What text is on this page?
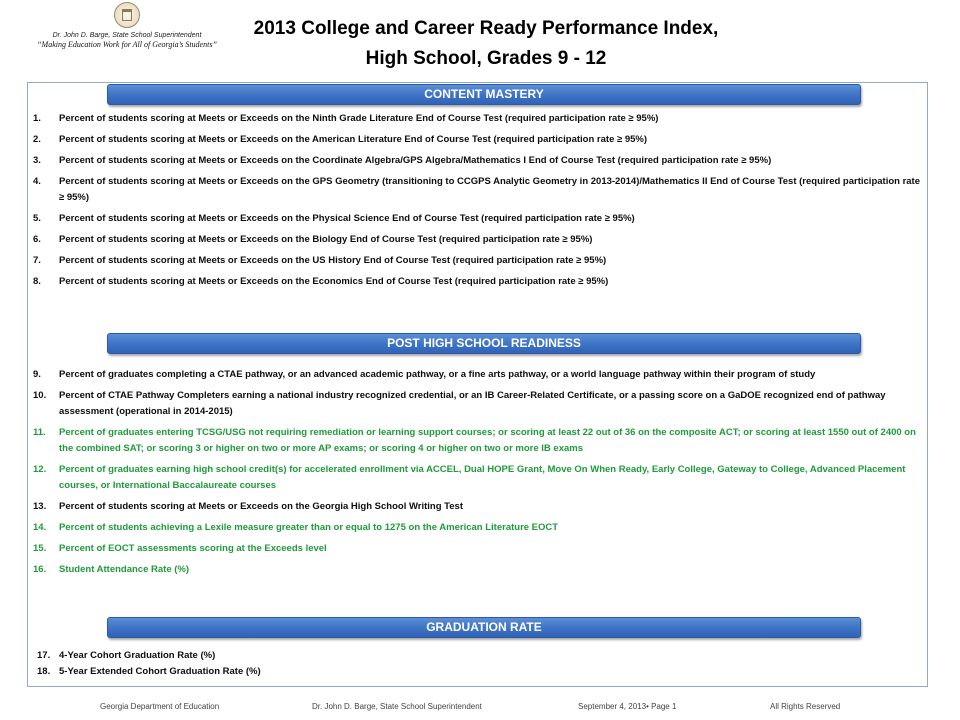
Dr. John D. Barge, State School Superintendent
“Making Education Work for All of Georgia’s Students”
2013 College and Career Ready Performance Index,
High School, Grades 9 - 12
CONTENT MASTERY
1.	Percent of students scoring at Meets or Exceeds on the Ninth Grade Literature End of Course Test (required participation rate ≥ 95%)
2.	Percent of students scoring at Meets or Exceeds on the American Literature End of Course Test (required participation rate ≥ 95%)
3.	Percent of students scoring at Meets or Exceeds on the Coordinate Algebra/GPS Algebra/Mathematics I End of Course Test (required participation rate ≥ 95%)
4.	Percent of students scoring at Meets or Exceeds on the GPS Geometry (transitioning to CCGPS Analytic Geometry in 2013-2014)/Mathematics II End of Course Test (required participation rate ≥ 95%)
5.	Percent of students scoring at Meets or Exceeds on the Physical Science End of Course Test (required participation rate ≥ 95%)
6.	Percent of students scoring at Meets or Exceeds on the Biology End of Course Test (required participation rate ≥ 95%)
7.	Percent of students scoring at Meets or Exceeds on the US History End of Course Test (required participation rate ≥ 95%)
8.	Percent of students scoring at Meets or Exceeds on the Economics End of Course Test (required participation rate ≥ 95%)
POST HIGH SCHOOL READINESS
9.	Percent of graduates completing a CTAE pathway, or an advanced academic pathway, or a fine arts pathway, or a world language pathway within their program of study
10.	Percent of CTAE Pathway Completers earning a national industry recognized credential, or an IB Career-Related Certificate, or a passing score on a GaDOE recognized end of pathway assessment (operational in 2014-2015)
11.	Percent of graduates entering TCSG/USG not requiring remediation or learning support courses; or scoring at least 22 out of 36 on the composite ACT; or scoring at least 1550 out of 2400 on the combined SAT; or scoring 3 or higher on two or more AP exams; or scoring 4 or higher on two or more IB exams
12.	Percent of graduates earning high school credit(s) for accelerated enrollment via ACCEL, Dual HOPE Grant, Move On When Ready, Early College, Gateway to College, Advanced Placement courses, or International Baccalaureate courses
13.	Percent of students scoring at Meets or Exceeds on the Georgia High School Writing Test
14.	Percent of students achieving a Lexile measure greater than or equal to 1275 on the American Literature EOCT
15.	Percent of EOCT assessments scoring at the Exceeds level
16.	Student Attendance Rate (%)
GRADUATION RATE
17. 4-Year Cohort Graduation Rate (%)
18. 5-Year Extended Cohort Graduation Rate (%)
Georgia Department of Education	Dr. John D. Barge, State School Superintendent	September 4, 2013• Page 1	All Rights Reserved
